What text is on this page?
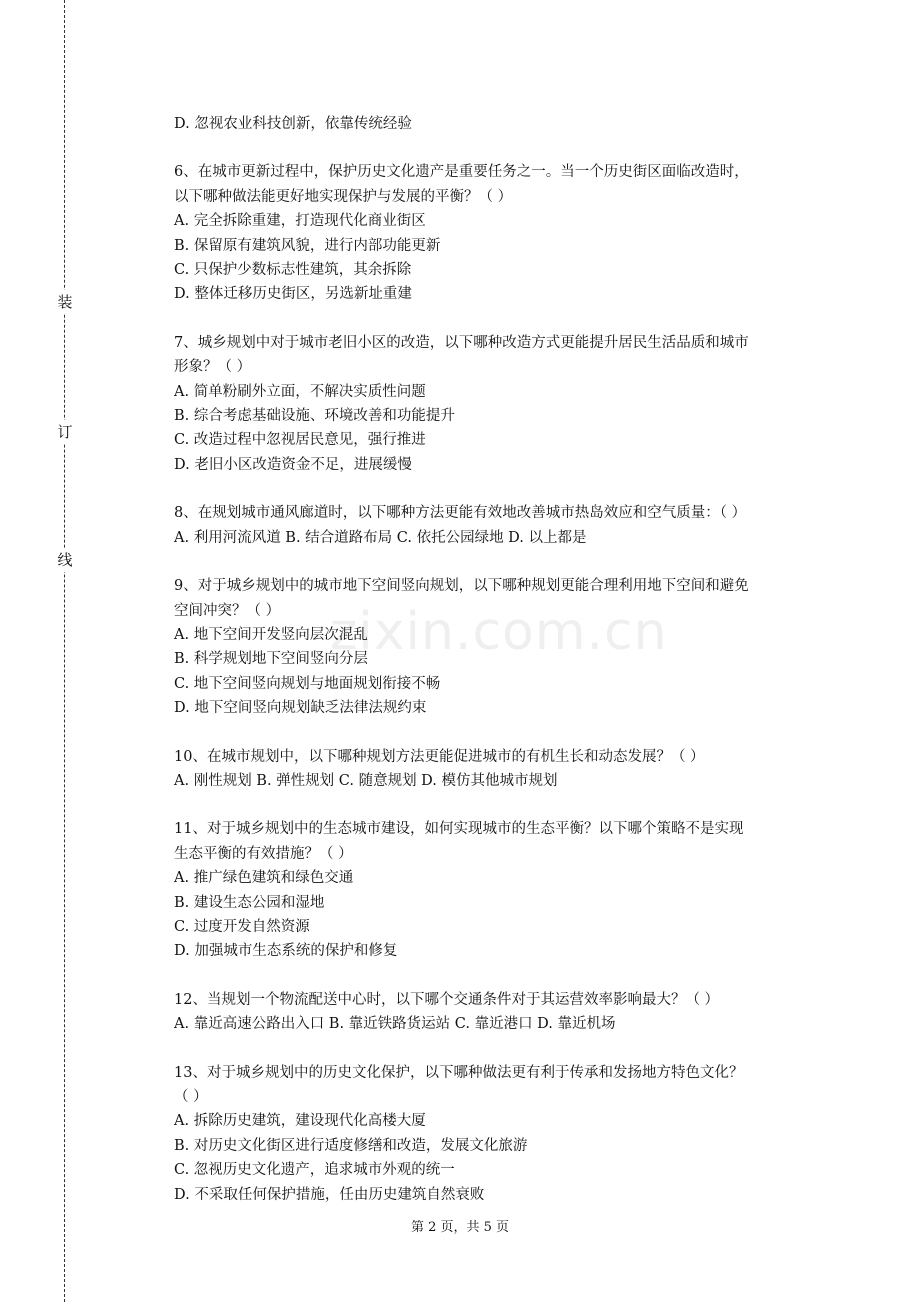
装
订
线
zixin.com.cn
D. 忽视农业科技创新，依靠传统经验
6、在城市更新过程中，保护历史文化遗产是重要任务之一。当一个历史街区面临改造时，
以下哪种做法能更好地实现保护与发展的平衡？（ ）
A. 完全拆除重建，打造现代化商业街区
B. 保留原有建筑风貌，进行内部功能更新
C. 只保护少数标志性建筑，其余拆除
D. 整体迁移历史街区，另选新址重建
7、城乡规划中对于城市老旧小区的改造，以下哪种改造方式更能提升居民生活品质和城市
形象？（ ）
A. 简单粉刷外立面，不解决实质性问题
B. 综合考虑基础设施、环境改善和功能提升
C. 改造过程中忽视居民意见，强行推进
D. 老旧小区改造资金不足，进展缓慢
8、在规划城市通风廊道时，以下哪种方法更能有效地改善城市热岛效应和空气质量：（ ）
A. 利用河流风道 B. 结合道路布局 C. 依托公园绿地 D. 以上都是
9、对于城乡规划中的城市地下空间竖向规划，以下哪种规划更能合理利用地下空间和避免
空间冲突？（ ）
A. 地下空间开发竖向层次混乱
B. 科学规划地下空间竖向分层
C. 地下空间竖向规划与地面规划衔接不畅
D. 地下空间竖向规划缺乏法律法规约束
10、在城市规划中，以下哪种规划方法更能促进城市的有机生长和动态发展？（ ）
A. 刚性规划 B. 弹性规划 C. 随意规划 D. 模仿其他城市规划
11、对于城乡规划中的生态城市建设，如何实现城市的生态平衡？以下哪个策略不是实现
生态平衡的有效措施？（ ）
A. 推广绿色建筑和绿色交通
B. 建设生态公园和湿地
C. 过度开发自然资源
D. 加强城市生态系统的保护和修复
12、当规划一个物流配送中心时，以下哪个交通条件对于其运营效率影响最大？（ ）
A. 靠近高速公路出入口 B. 靠近铁路货运站 C. 靠近港口 D. 靠近机场
13、对于城乡规划中的历史文化保护，以下哪种做法更有利于传承和发扬地方特色文化？
（ ）
A. 拆除历史建筑，建设现代化高楼大厦
B. 对历史文化街区进行适度修缮和改造，发展文化旅游
C. 忽视历史文化遗产，追求城市外观的统一
D. 不采取任何保护措施，任由历史建筑自然衰败
第 2 页，共 5 页
